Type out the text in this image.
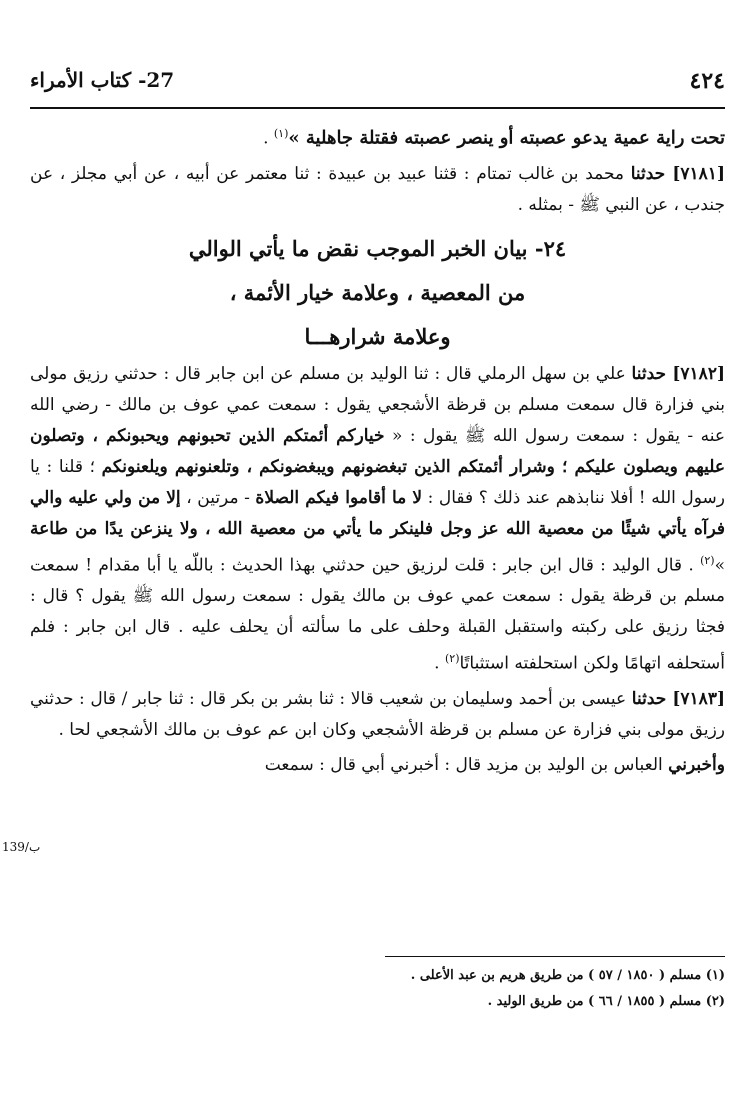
٤٢٤
27- كتاب الأمراء

تحت راية عمية يدعو عصبته أو ينصر عصبته فقتلة جاهلية »$^{(١)}$ .

[٧١٨١] حدثنا محمد بن غالب تمتام : قثنا عبيد بن عبيدة : ثنا معتمر عن أبيه ، عن أبي مجلز ، عن جندب ، عن النبي ﷺ - بمثله .

٢٤- بيان الخبر الموجب نقض ما يأتي الوالي
من المعصية ، وعلامة خيار الأئمة ،
وعلامة شرارهـــا

[٧١٨٢] حدثنا علي بن سهل الرملي قال : ثنا الوليد بن مسلم عن ابن جابر قال : حدثني رزيق مولى بني فزارة قال سمعت مسلم بن قرظة الأشجعي يقول : سمعت عمي عوف بن مالك - رضي الله عنه - يقول : سمعت رسول الله ﷺ يقول : « خياركم أئمتكم الذين تحبونهم ويحبونكم ، وتصلون عليهم ويصلون عليكم ؛ وشرار أئمتكم الذين تبغضونهم ويبغضونكم ، وتلعنونهم ويلعنونكم ؛ قلنا : يا رسول الله ! أفلا ننابذهم عند ذلك ؟ فقال : لا ما أقاموا فيكم الصلاة - مرتين ، إلا من ولي عليه والي فرآه يأتي شيئًا من معصية الله عز وجل فلينكر ما يأتي من معصية الله ، ولا ينزعن يدًا من طاعة »$^{(٢)}$ . قال الوليد : قال ابن جابر : قلت لرزيق حين حدثني بهذا الحديث : باللّه يا أبا مقدام ! سمعت مسلم بن قرظة يقول : سمعت عمي عوف بن مالك يقول : سمعت رسول الله ﷺ يقول ؟ قال : فجثا رزيق على ركبته واستقبل القبلة وحلف على ما سألته أن يحلف عليه . قال ابن جابر : فلم أستحلفه اتهامًا ولكن استحلفته استثباتًا$^{(٢)}$ .

[٧١٨٣] حدثنا عيسى بن أحمد وسليمان بن شعيب قالا : ثنا بشر بن بكر قال : ثنا جابر / قال : حدثني رزيق مولى بني فزارة عن مسلم بن قرظة الأشجعي وكان ابن عم عوف بن مالك الأشجعي لحا .

وأخبرني العباس بن الوليد بن مزيد قال : أخبرني أبي قال : سمعت

139/ب
(١) مسلم ( ١٨٥٠ / ٥٧ ) من طريق هريم بن عبد الأعلى .
(٢) مسلم ( ١٨٥٥ / ٦٦ ) من طريق الوليد .
